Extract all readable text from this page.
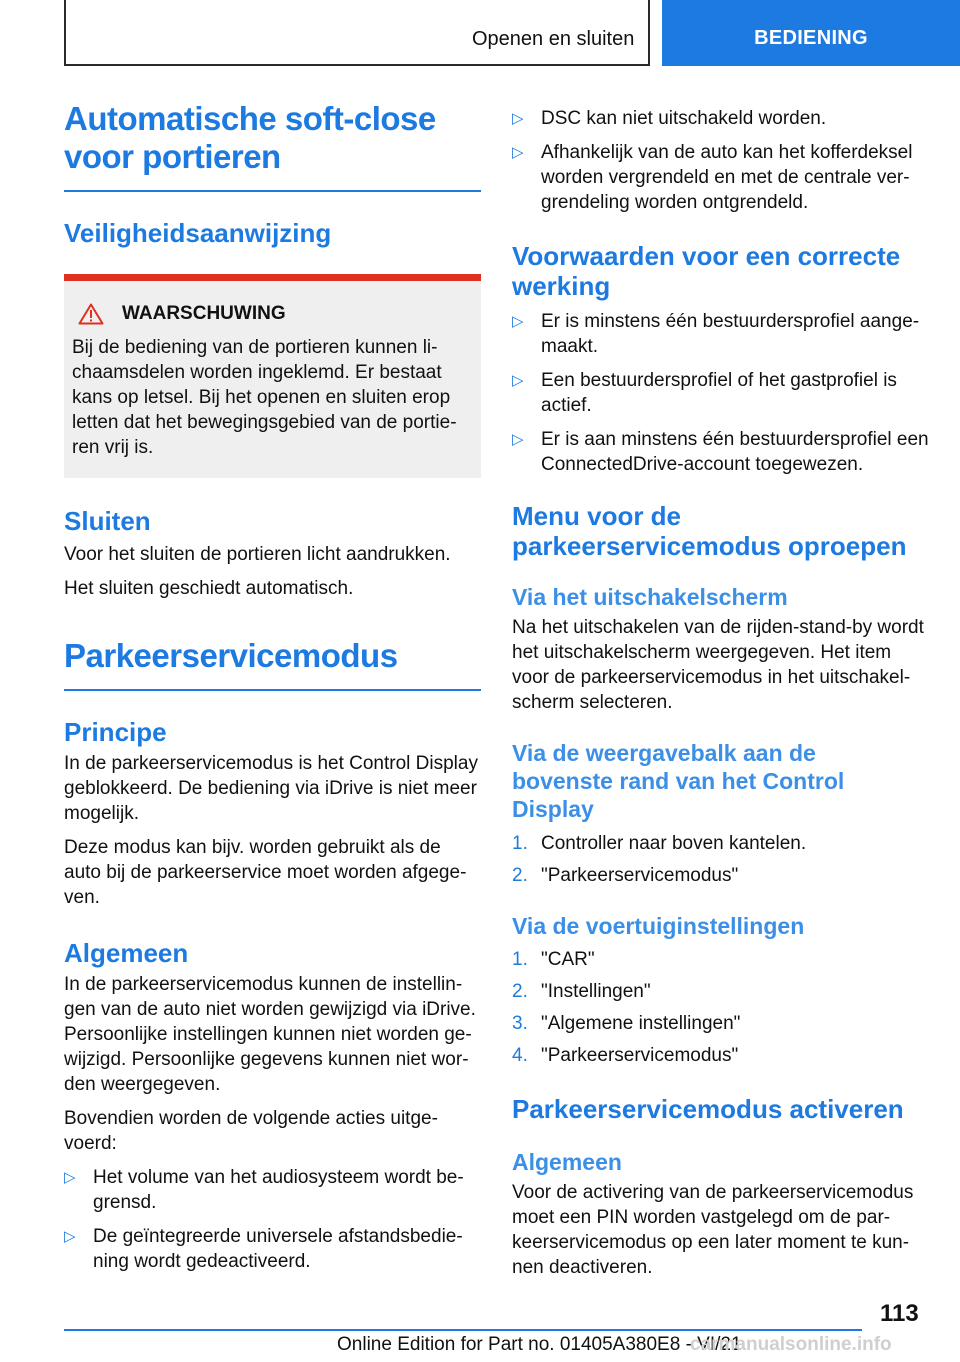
Openen en sluiten	BEDIENING
Automatische soft-close voor portieren
Veiligheidsaanwijzing
WAARSCHUWING

Bij de bediening van de portieren kunnen lichaamsdelen worden ingeklemd. Er bestaat kans op letsel. Bij het openen en sluiten erop letten dat het bewegingsgebied van de portieren vrij is.

Sluiten

Voor het sluiten de portieren licht aandrukken.

Het sluiten geschiedt automatisch.

Parkeerservicemodus
Principe

In de parkeerservicemodus is het Control Display geblokkeerd. De bediening via iDrive is niet meer mogelijk.

Deze modus kan bijv. worden gebruikt als de auto bij de parkeerservice moet worden afgegeven.

Algemeen

In de parkeerservicemodus kunnen de instellingen van de auto niet worden gewijzigd via iDrive. Persoonlijke instellingen kunnen niet worden gewijzigd. Persoonlijke gegevens kunnen niet worden weergegeven.

Bovendien worden de volgende acties uitgevoerd:

▷ Het volume van het audiosysteem wordt begrensd.
▷ De geïntegreerde universele afstandsbediening wordt gedeactiveerd.
▷ DSC kan niet uitschakeld worden.
▷ Afhankelijk van de auto kan het kofferdeksel worden vergrendeld en met de centrale vergrendeling worden ontgrendeld.
Voorwaarden voor een correcte werking
▷ Er is minstens één bestuurdersprofiel aangemaakt.
▷ Een bestuurdersprofiel of het gastprofiel is actief.
▷ Er is aan minstens één bestuurdersprofiel een ConnectedDrive-account toegewezen.
Menu voor de parkeerservicemodus oproepen
Via het uitschakelscherm

Na het uitschakelen van de rijden-stand-by wordt het uitschakelscherm weergegeven. Het item voor de parkeerservicemodus in het uitschakelscherm selecteren.

Via de weergavebalk aan de bovenste rand van het Control Display
1. Controller naar boven kantelen.
2. "Parkeerservicemodus"
Via de voertuiginstellingen
1. "CAR"
2. "Instellingen"
3. "Algemene instellingen"
4. "Parkeerservicemodus"
Parkeerservicemodus activeren
Algemeen

Voor de activering van de parkeerservicemodus moet een PIN worden vastgelegd om de parkeerservicemodus op een later moment te kunnen deactiveren.

113
Online Edition for Part no. 01405A380E8 - VI/21
carmanualsonline.info
